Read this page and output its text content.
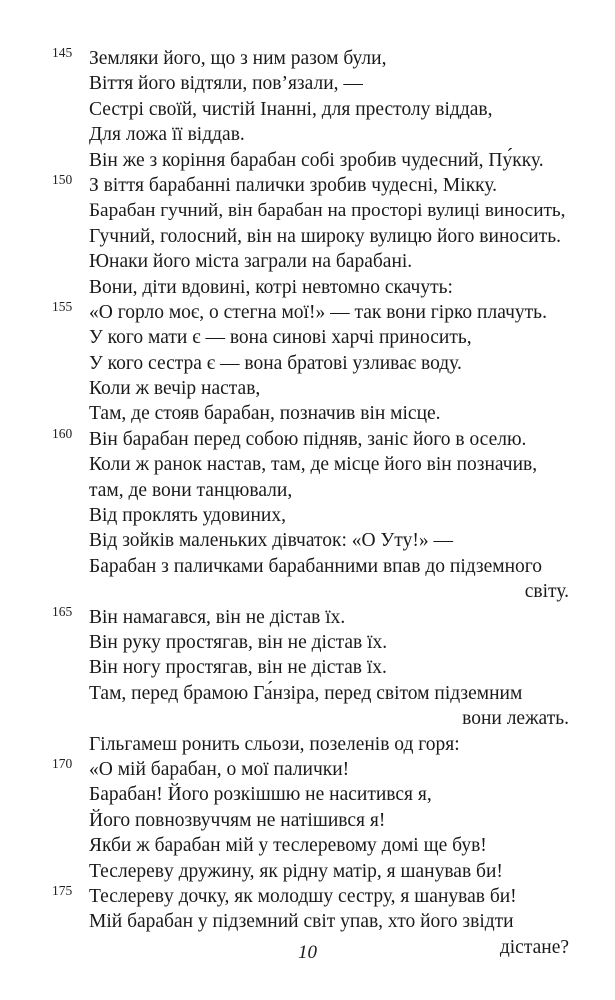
145 Земляки його, що з ним разом були,
Віття його відтяли, пов’язали, —
Сестрі своїй, чистій Інанні, для престолу віддав,
Для ложа її віддав.
Він же з коріння барабан собі зробив чудесний, Пу́кку.
150 З віття барабанні палички зробив чудесні, Мікку.
Барабан гучний, він барабан на просторі вулиці виносить,
Гучний, голосний, він на широку вулицю його виносить.
Юнаки його міста заграли на барабані.
Вони, діти вдовині, котрі невтомно скачуть:
155 «О горло моє, о стегна мої!» — так вони гірко плачуть.
У кого мати є — вона синові харчі приносить,
У кого сестра є — вона братові узливає воду.
Коли ж вечір настав,
Там, де стояв барабан, позначив він місце.
160 Він барабан перед собою підняв, заніс його в оселю.
Коли ж ранок настав, там, де місце його він позначив,
там, де вони танцювали,
Від проклять удовиних,
Від зойків маленьких дівчаток: «О Уту!» —
Барабан з паличками барабанними впав до підземного
світу.
165 Він намагався, він не дістав їх.
Він руку простягав, він не дістав їх.
Він ногу простягав, він не дістав їх.
Там, перед брамою Га́нзіра, перед світом підземним
вони лежать.
Гільгамеш ронить сльози, позеленів од горя:
170 «О мій барабан, о мої палички!
Барабан! Його розкішшю не наситився я,
Його повнозвуччям не натішився я!
Якби ж барабан мій у теслеревому домі ще був!
Теслеревy дружину, як рідну матір, я шанував би!
175 Теслеревy дочку, як молодшу сестру, я шанував би!
Мій барабан у підземний світ упав, хто його звідти
дістане?
10
